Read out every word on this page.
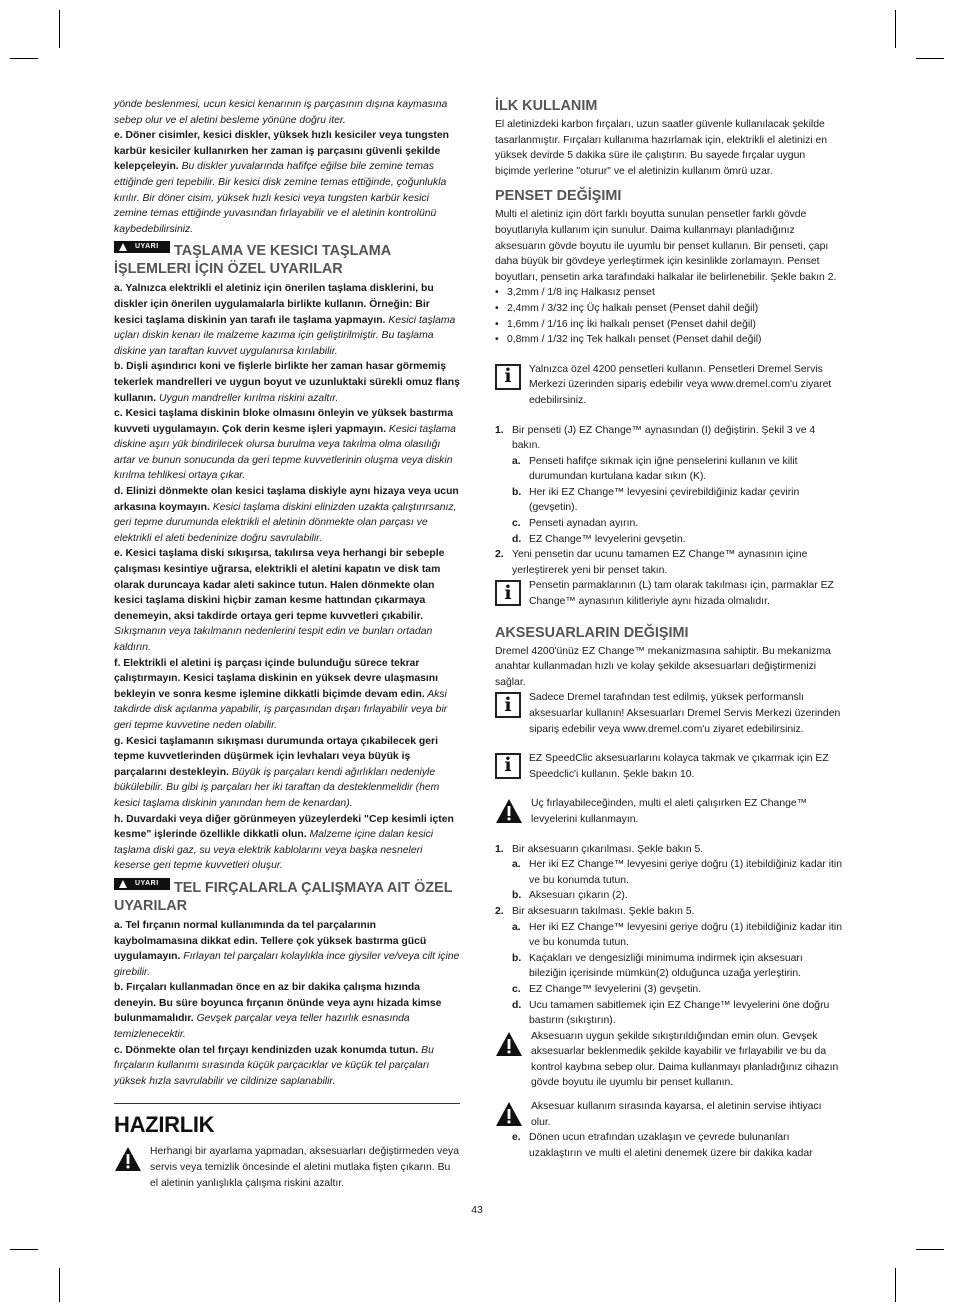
yönde beslenmesi, ucun kesici kenarının iş parçasının dışına kaymasına sebep olur ve el aletini besleme yönüne doğru iter.

e. Döner cisimler, kesici diskler, yüksek hızlı kesiciler veya tungsten karbür kesiciler kullanırken her zaman iş parçasını güvenli şekilde kelepçeleyin. Bu diskler yuvalarında hafifçe eğilse bile zemine temas ettiğinde geri tepebilir. Bir kesici disk zemine temas ettiğinde, çoğunlukla kırılır. Bir döner cisim, yüksek hızlı kesici veya tungsten karbür kesici zemine temas ettiğinde yuvasından fırlayabilir ve el aletinin kontrolünü kaybedebilirsiniz.

UYARI TAŞLAMA VE KESICI TAŞLAMA İŞLEMLERI İÇIN ÖZEL UYARILAR

a. Yalnızca elektrikli el aletiniz için önerilen taşlama disklerini, bu diskler için önerilen uygulamalarla birlikte kullanın. Örneğin: Bir kesici taşlama diskinin yan tarafı ile taşlama yapmayın. Kesici taşlama uçları diskin kenarı ile malzeme kazıma için geliştirilmiştir. Bu taşlama diskine yan taraftan kuvvet uygulanırsa kırılabilir.

b. Dişli aşındırıcı koni ve fişlerle birlikte her zaman hasar görmemiş tekerlek mandrelleri ve uygun boyut ve uzunluktaki sürekli omuz flanş kullanın. Uygun mandreller kırılma riskini azaltır.

c. Kesici taşlama diskinin bloke olmasını önleyin ve yüksek bastırma kuvveti uygulamayın. Çok derin kesme işleri yapmayın. Kesici taşlama diskine aşırı yük bindirilecek olursa burulma veya takılma olma olasılığı artar ve bunun sonucunda da geri tepme kuvvetlerinin oluşma veya diskin kırılma tehlikesi ortaya çıkar.

d. Elinizi dönmekte olan kesici taşlama diskiyle aynı hizaya veya ucun arkasına koymayın. Kesici taşlama diskini elinizden uzakta çalıştırırsanız, geri tepme durumunda elektrikli el aletinin dönmekte olan parçası ve elektrikli el aleti bedeninize doğru savrulabilir.

e. Kesici taşlama diski sıkışırsa, takılırsa veya herhangi bir sebeple çalışması kesintiye uğrarsa, elektrikli el aletini kapatın ve disk tam olarak duruncaya kadar aleti sakince tutun. Halen dönmekte olan kesici taşlama diskini hiçbir zaman kesme hattından çıkarmaya denemeyin, aksi takdirde ortaya geri tepme kuvvetleri çıkabilir. Sıkışmanın veya takılmanın nedenlerini tespit edin ve bunları ortadan kaldırın.

f. Elektrikli el aletini iş parçası içinde bulunduğu sürece tekrar çalıştırmayın. Kesici taşlama diskinin en yüksek devre ulaşmasını bekleyin ve sonra kesme işlemine dikkatli biçimde devam edin. Aksi takdirde disk açılanma yapabilir, iş parçasından dışarı fırlayabilir veya bir geri tepme kuvvetine neden olabilir.

g. Kesici taşlamanın sıkışması durumunda ortaya çıkabilecek geri tepme kuvvetlerinden düşürmek için levhaları veya büyük iş parçalarını destekleyin. Büyük iş parçaları kendi ağırlıkları nedeniyle bükülebilir. Bu gibi iş parçaları her iki taraftan da desteklenmelidir (hem kesici taşlama diskinin yanından hem de kenardan).

h. Duvardaki veya diğer görünmeyen yüzeylerdeki "Cep kesimli içten kesme" işlerinde özellikle dikkatli olun. Malzeme içine dalan kesici taşlama diski gaz, su veya elektrik kablolarını veya başka nesneleri keserse geri tepme kuvvetleri oluşur.

UYARI TEL FIRÇALARLA ÇALIŞMAYA AIT ÖZEL UYARILAR

a. Tel fırçanın normal kullanımında da tel parçalarının kaybolmamasına dikkat edin. Tellere çok yüksek bastırma gücü uygulamayın. Fırlayan tel parçaları kolaylıkla ince giysiler ve/veya cilt içine girebilir.

b. Fırçaları kullanmadan önce en az bir dakika çalışma hızında deneyin. Bu süre boyunca fırçanın önünde veya aynı hizada kimse bulunmamalıdır. Gevşek parçalar veya teller hazırlık esnasında temizlenecektir.

c. Dönmekte olan tel fırçayı kendinizden uzak konumda tutun. Bu fırçaların kullanımı sırasında küçük parçacıklar ve küçük tel parçaları yüksek hızla savrulabilir ve cildinize saplanabilir.

HAZIRLIK

Herhangi bir ayarlama yapmadan, aksesuarları değiştirmeden veya servis veya temizlik öncesinde el aletini mutlaka fişten çıkarın. Bu el aletinin yanlışlıkla çalışma riskini azaltır.

İLK KULLANIM

El aletinizdeki karbon fırçaları, uzun saatler güvenle kullanılacak şekilde tasarlanmıştır. Fırçaları kullanıma hazırlamak için, elektrikli el aletinizi en yüksek devirde 5 dakika süre ile çalıştırın. Bu sayede fırçalar uygun biçimde yerlerine "oturur" ve el aletinizin kullanım ömrü uzar.

PENSET DEĞİŞIMI

Multi el aletiniz için dört farklı boyutta sunulan pensetler farklı gövde boyutlarıyla kullanım için sunulur. Daima kullanmayı planladığınız aksesuarın gövde boyutu ile uyumlu bir penset kullanın. Bir penseti, çapı daha büyük bir gövdeye yerleştirmek için kesinlikle zorlamayın. Penset boyutları, pensetin arka tarafındaki halkalar ile belirlenebilir. Şekle bakın 2.

• 3,2mm / 1/8 inç Halkasız penset
• 2,4mm / 3/32 inç Üç halkalı penset (Penset dahil değil)
• 1,6mm / 1/16 inç İki halkalı penset (Penset dahil değil)
• 0,8mm / 1/32 inç Tek halkalı penset (Penset dahil değil)
i	Yalnızca özel 4200 pensetleri kullanın. Pensetleri Dremel Servis Merkezi üzerinden sipariş edebilir veya www.dremel.com'u ziyaret edebilirsiniz.

1. Bir penseti (J) EZ Change™ aynasından (I) değiştirin. Şekil 3 ve 4 bakın.

a. Penseti hafifçe sıkmak için iğne penselerini kullanın ve kilit durumundan kurtulana kadar sıkın (K).

b. Her iki EZ Change™ levyesini çevirebildiğiniz kadar çevirin (gevşetin).

c. Penseti aynadan ayırın.

d. EZ Change™ levyelerini gevşetin.

2. Yeni pensetin dar ucunu tamamen EZ Change™ aynasının içine yerleştirerek yeni bir penset takın.

i	Pensetin parmaklarının (L) tam olarak takılması için, parmaklar EZ Change™ aynasının kilitleriyle aynı hizada olmalıdır.

AKSESUARLARIN DEĞIŞIMI

Dremel 4200'ünüz EZ Change™ mekanizmasına sahiptir. Bu mekanizma anahtar kullanmadan hızlı ve kolay şekilde aksesuarları değiştirmenizi sağlar.

i	Sadece Dremel tarafından test edilmiş, yüksek performanslı aksesuarlar kullanın! Aksesuarları Dremel Servis Merkezi üzerinden sipariş edebilir veya www.dremel.com'u ziyaret edebilirsiniz.

i	EZ SpeedClic aksesuarlarını kolayca takmak ve çıkarmak için EZ Speedclic'i kullanın. Şekle bakın 10.

Uç fırlayabileceğinden, multi el aleti çalışırken EZ Change™ levyelerini kullanmayın.

1. Bir aksesuarın çıkarılması. Şekle bakın 5.

a. Her iki EZ Change™ levyesini geriye doğru (1) itebildiğiniz kadar itin ve bu konumda tutun.

b. Aksesuarı çıkarın (2).

2. Bir aksesuarın takılması. Şekle bakın 5.

a. Her iki EZ Change™ levyesini geriye doğru (1) itebildiğiniz kadar itin ve bu konumda tutun.

b. Kaçakları ve dengesizliği minimuma indirmek için aksesuarı bileziğin içerisinde mümkün(2) olduğunca uzağa yerleştirin.

c. EZ Change™ levyelerini (3) gevşetin.

d. Ucu tamamen sabitlemek için EZ Change™ levyelerini öne doğru bastırın (sıkıştırın).

Aksesuarın uygun şekilde sıkıştırıldığından emin olun. Gevşek aksesuarlar beklenmedik şekilde kayabilir ve fırlayabilir ve bu da kontrol kaybına sebep olur. Daima kullanmayı planladığınız cihazın gövde boyutu ile uyumlu bir penset kullanın.

Aksesuar kullanım sırasında kayarsa, el aletinin servise ihtiyacı olur.

e. Dönen ucun etrafından uzaklaşın ve çevrede bulunanları uzaklaştırın ve multi el aletini denemek üzere bir dakika kadar

43
